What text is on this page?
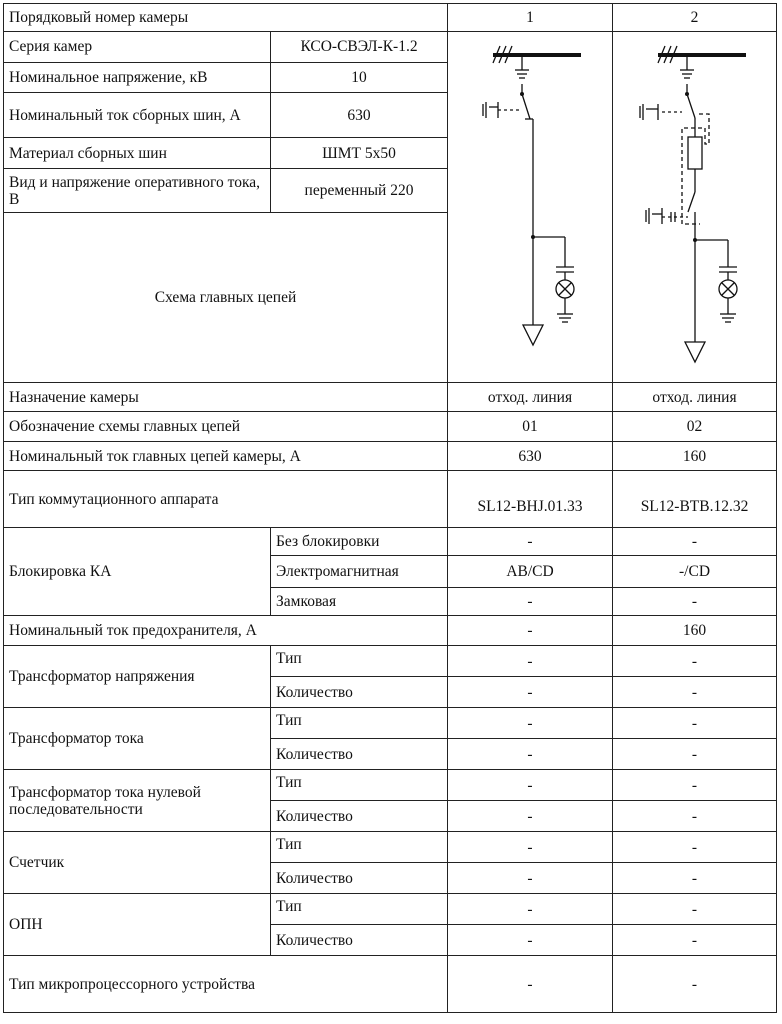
Порядковый номер камеры		1	2
Серия камер	КСО-СВЭЛ-К-1.2	

Номинальное напряжение, кВ	10		
Номинальный ток сборных шин, А	630		
Материал сборных шин	ШМТ 5х50		
Вид и напряжение оперативного тока, В	переменный 220		
Схема главных цепей			
Назначение камеры		отход. линия	отход. линия
Обозначение схемы главных цепей		01	02
Номинальный ток главных цепей камеры, А		630	160
Тип коммутационного аппарата		SL12-BHJ.01.33	SL12-BTB.12.32
Блокировка КА	Без блокировки	-	-
	Электромагнитная	AB/CD	-/CD
	Замковая	-	-
Номинальный ток предохранителя, А		-	160
Трансформатор напряжения	Тип	-	-
	Количество	-	-
Трансформатор тока	Тип	-	-
	Количество	-	-
Трансформатор тока нулевой последовательности	Тип	-	-
	Количество	-	-
Счетчик	Тип	-	-
	Количество	-	-
ОПН	Тип	-	-
	Количество	-	-
Тип микропроцессорного устройства		-	-
